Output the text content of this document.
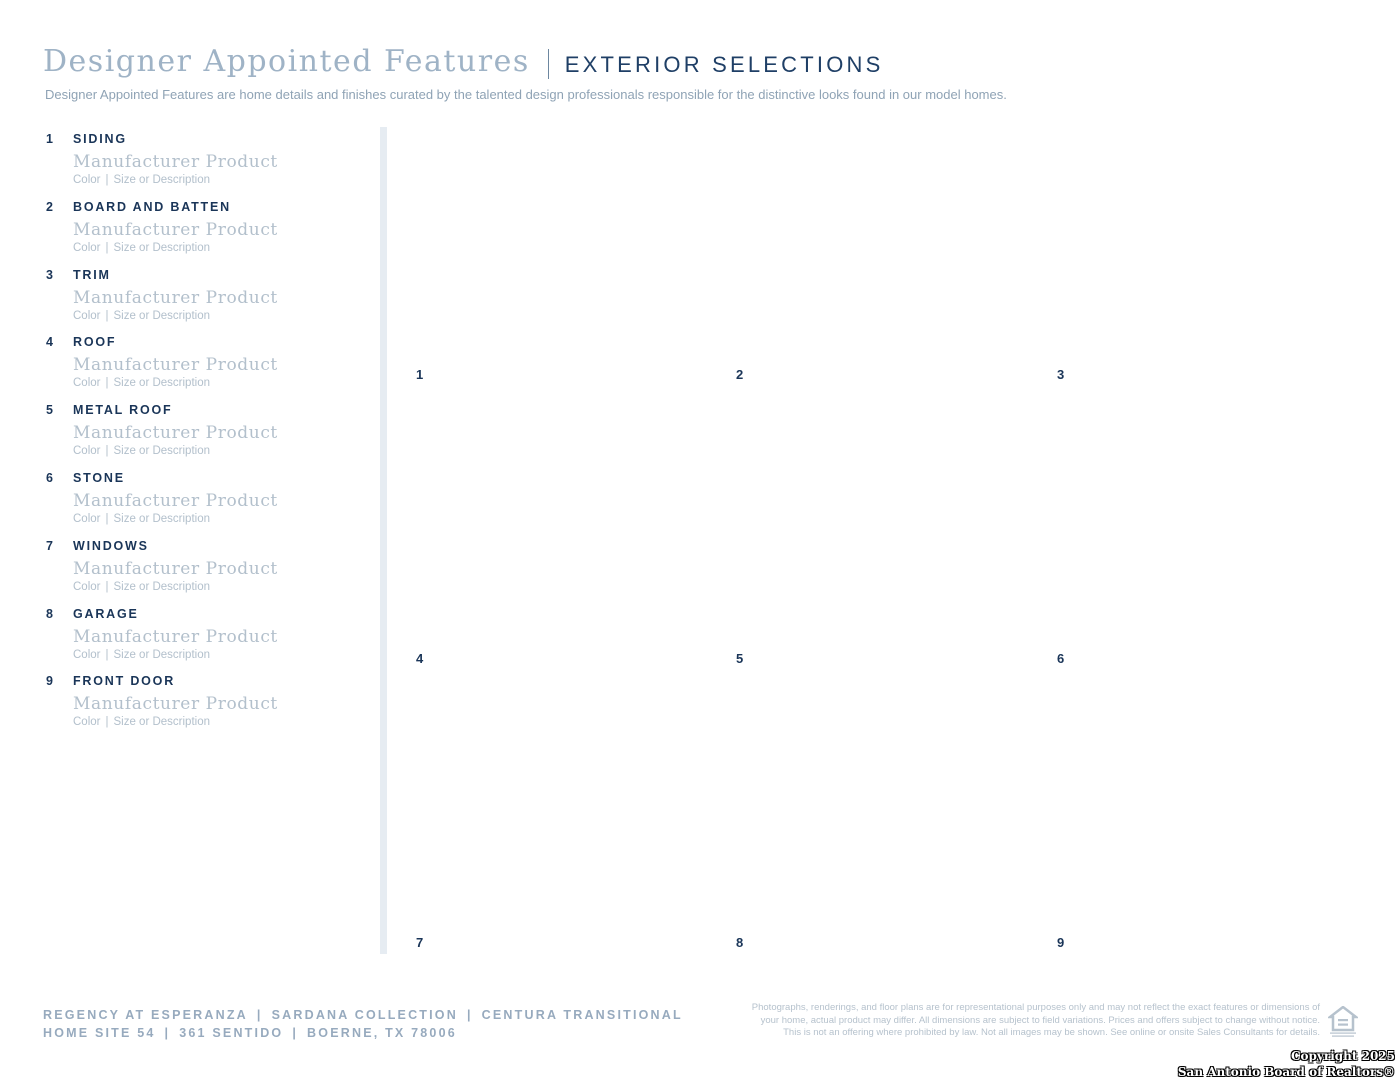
Designer Appointed Features EXTERIOR SELECTIONS
Designer Appointed Features are home details and finishes curated by the talented design professionals responsible for the distinctive looks found in our model homes.
1 SIDING
Manufacturer Product
Color | Size or Description
2 BOARD AND BATTEN
Manufacturer Product
Color | Size or Description
3 TRIM
Manufacturer Product
Color | Size or Description
4 ROOF
Manufacturer Product
Color | Size or Description
5 METAL ROOF
Manufacturer Product
Color | Size or Description
6 STONE
Manufacturer Product
Color | Size or Description
7 WINDOWS
Manufacturer Product
Color | Size or Description
8 GARAGE
Manufacturer Product
Color | Size or Description
9 FRONT DOOR
Manufacturer Product
Color | Size or Description
1	2	3
4	5	6
7	8	9
REGENCY AT ESPERANZA | SARDANA COLLECTION | CENTURA TRANSITIONAL
HOME SITE 54 | 361 SENTIDO | BOERNE, TX 78006
Photographs, renderings, and floor plans are for representational purposes only and may not reflect the exact features or dimensions of
your home, actual product may differ. All dimensions are subject to field variations. Prices and offers subject to change without notice.
This is not an offering where prohibited by law. Not all images may be shown. See online or onsite Sales Consultants for details.
Copyright 2025
San Antonio Board of Realtors®
